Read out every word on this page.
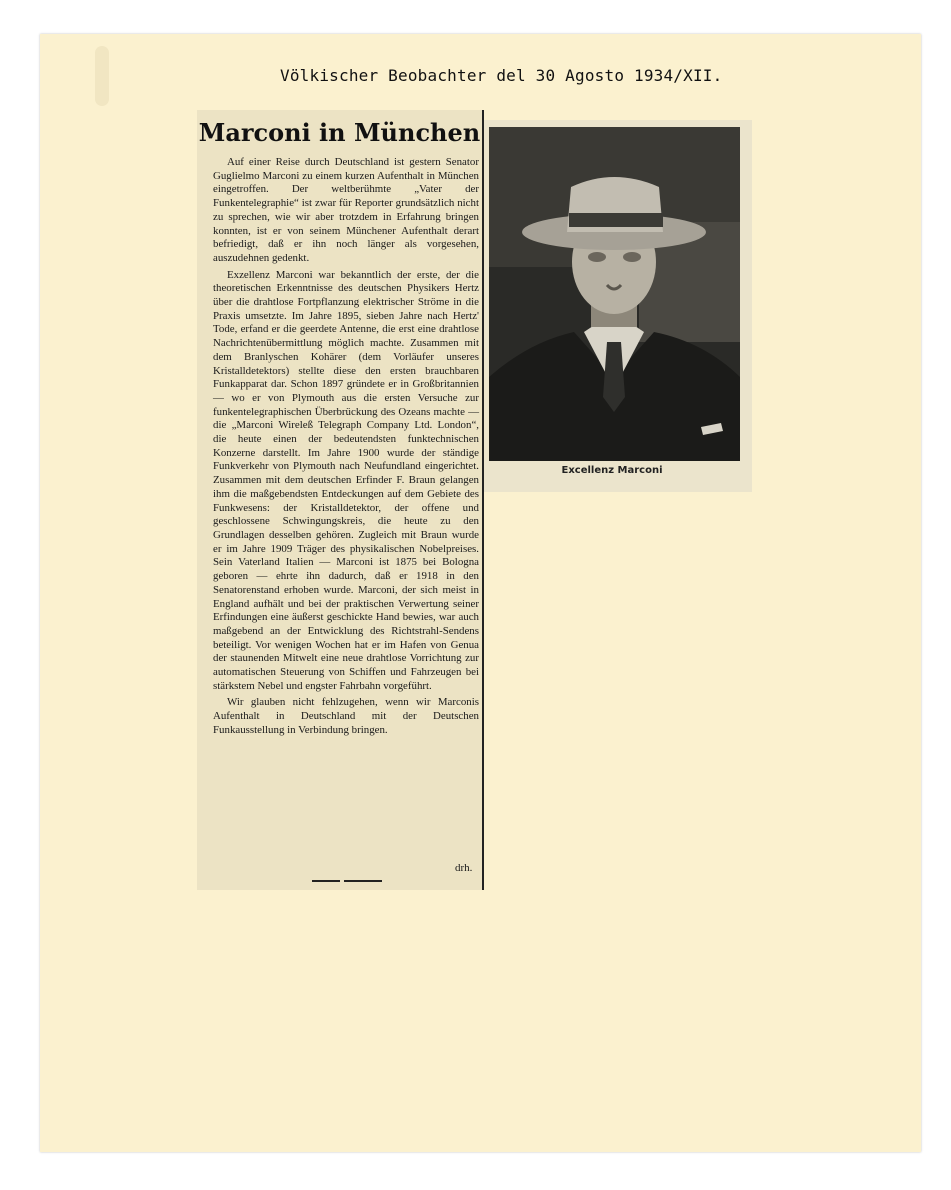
Völkischer Beobachter del 30 Agosto 1934/XII.
Marconi in München

Auf einer Reise durch Deutschland ist gestern Senator Guglielmo Marconi zu einem kurzen Aufenthalt in München eingetroffen. Der weltberühmte „Vater der Funkentelegraphie“ ist zwar für Reporter grundsätzlich nicht zu sprechen, wie wir aber trotzdem in Erfahrung bringen konnten, ist er von seinem Münchener Aufenthalt derart befriedigt, daß er ihn noch länger als vorgesehen, auszudehnen gedenkt.

Exzellenz Marconi war bekanntlich der erste, der die theoretischen Erkenntnisse des deutschen Physikers Hertz über die drahtlose Fortpflanzung elektrischer Ströme in die Praxis umsetzte. Im Jahre 1895, sieben Jahre nach Hertz' Tode, erfand er die geerdete Antenne, die erst eine drahtlose Nachrichtenübermittlung möglich machte. Zusammen mit dem Branlyschen Kohärer (dem Vorläufer unseres Kristalldetektors) stellte diese den ersten brauchbaren Funkapparat dar. Schon 1897 gründete er in Großbritannien — wo er von Plymouth aus die ersten Versuche zur funkentelegraphischen Überbrückung des Ozeans machte — die „Marconi Wireleß Telegraph Company Ltd. London“, die heute einen der bedeutendsten funktechnischen Konzerne darstellt. Im Jahre 1900 wurde der ständige Funkverkehr von Plymouth nach Neufundland eingerichtet. Zusammen mit dem deutschen Erfinder F. Braun gelangen ihm die maßgebendsten Entdeckungen auf dem Gebiete des Funkwesens: der Kristalldetektor, der offene und geschlossene Schwingungskreis, die heute zu den Grundlagen desselben gehören. Zugleich mit Braun wurde er im Jahre 1909 Träger des physikalischen Nobelpreises. Sein Vaterland Italien — Marconi ist 1875 bei Bologna geboren — ehrte ihn dadurch, daß er 1918 in den Senatorenstand erhoben wurde. Marconi, der sich meist in England aufhält und bei der praktischen Verwertung seiner Erfindungen eine äußerst geschickte Hand bewies, war auch maßgebend an der Entwicklung des Richtstrahl-Sendens beteiligt. Vor wenigen Wochen hat er im Hafen von Genua der staunenden Mitwelt eine neue drahtlose Vorrichtung zur automatischen Steuerung von Schiffen und Fahrzeugen bei stärkstem Nebel und engster Fahrbahn vorgeführt.

Wir glauben nicht fehlzugehen, wenn wir Marconis Aufenthalt in Deutschland mit der Deutschen Funkausstellung in Verbindung bringen.

drh.
Excellenz Marconi
